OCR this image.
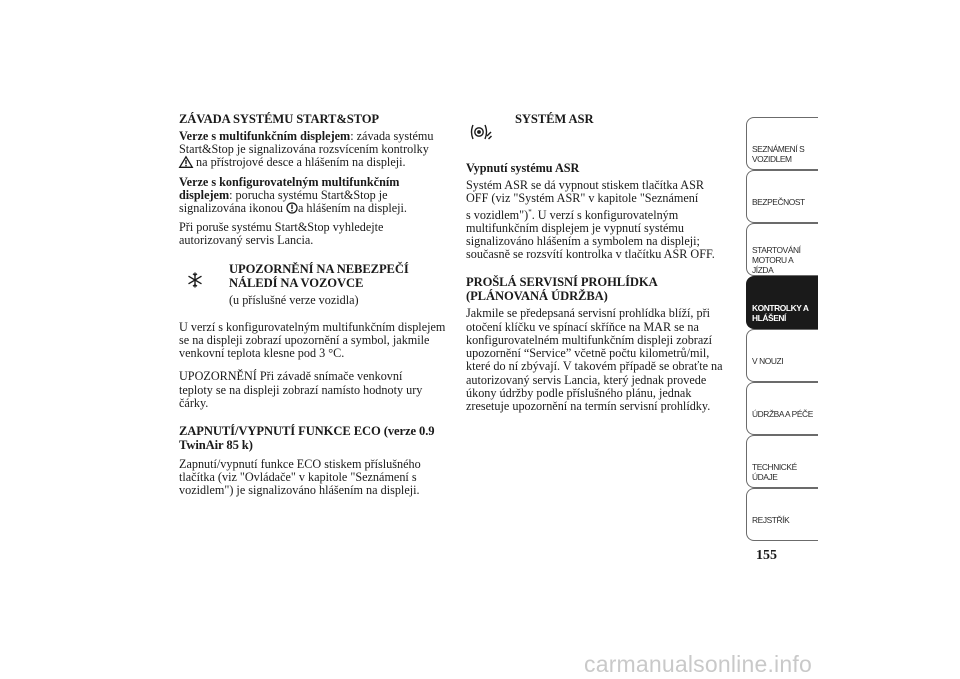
ZÁVADA SYSTÉMU START&STOP

Verze s multifunkčním displejem: závada systému
Start&Stop je signalizována rozsvícením kontrolky
na přístrojové desce a hlášením na displeji.

Verze s konfigurovatelným multifunkčním
displejem: porucha systému Start&Stop je
signalizována ikonou a hlášením na displeji.

Při poruše systému Start&Stop vyhledejte
autorizovaný servis Lancia.

UPOZORNĚNÍ NA NEBEZPEČÍ
NÁLEDÍ NA VOZOVCE

(u příslušné verze vozidla)

U verzí s konfigurovatelným multifunkčním displejem
se na displeji zobrazí upozornění a symbol, jakmile
venkovní teplota klesne pod 3 °C.

UPOZORNĚNÍ Při závadě snímače venkovní
teploty se na displeji zobrazí namísto hodnoty ury
čárky.

ZAPNUTÍ/VYPNUTÍ FUNKCE ECO (verze 0.9
TwinAir 85 k)

Zapnutí/vypnutí funkce ECO stiskem příslušného
tlačítka (viz "Ovládače" v kapitole "Seznámení s
vozidlem") je signalizováno hlášením na displeji.

SYSTÉM ASR

Vypnutí systému ASR

Systém ASR se dá vypnout stiskem tlačítka ASR
OFF (viz "Systém ASR" v kapitole "Seznámení
s vozidlem")*. U verzí s konfigurovatelným
multifunkčním displejem je vypnutí systému
signalizováno hlášením a symbolem na displeji;
současně se rozsvítí kontrolka v tlačítku ASR OFF.

PROŠLÁ SERVISNÍ PROHLÍDKA
(PLÁNOVANÁ ÚDRŽBA)

Jakmile se předepsaná servisní prohlídka blíží, při
otočení klíčku ve spínací skříňce na MAR se na
konfigurovatelném multifunkčním displeji zobrazí
upozornění “Service” včetně počtu kilometrů/mil,
které do ní zbývají. V takovém případě se obraťte na
autorizovaný servis Lancia, který jednak provede
úkony údržby podle příslušného plánu, jednak
zresetuje upozornění na termín servisní prohlídky.

SEZNÁMENÍ S
VOZIDLEM
BEZPEČNOST
STARTOVÁNÍ
MOTORU A JÍZDA
KONTROLKY A
HLÁŠENÍ
V NOUZI
ÚDRŽBA A PÉČE
TECHNICKÉ
ÚDAJE
REJSTŘÍK
155
carmanualsonline.info
